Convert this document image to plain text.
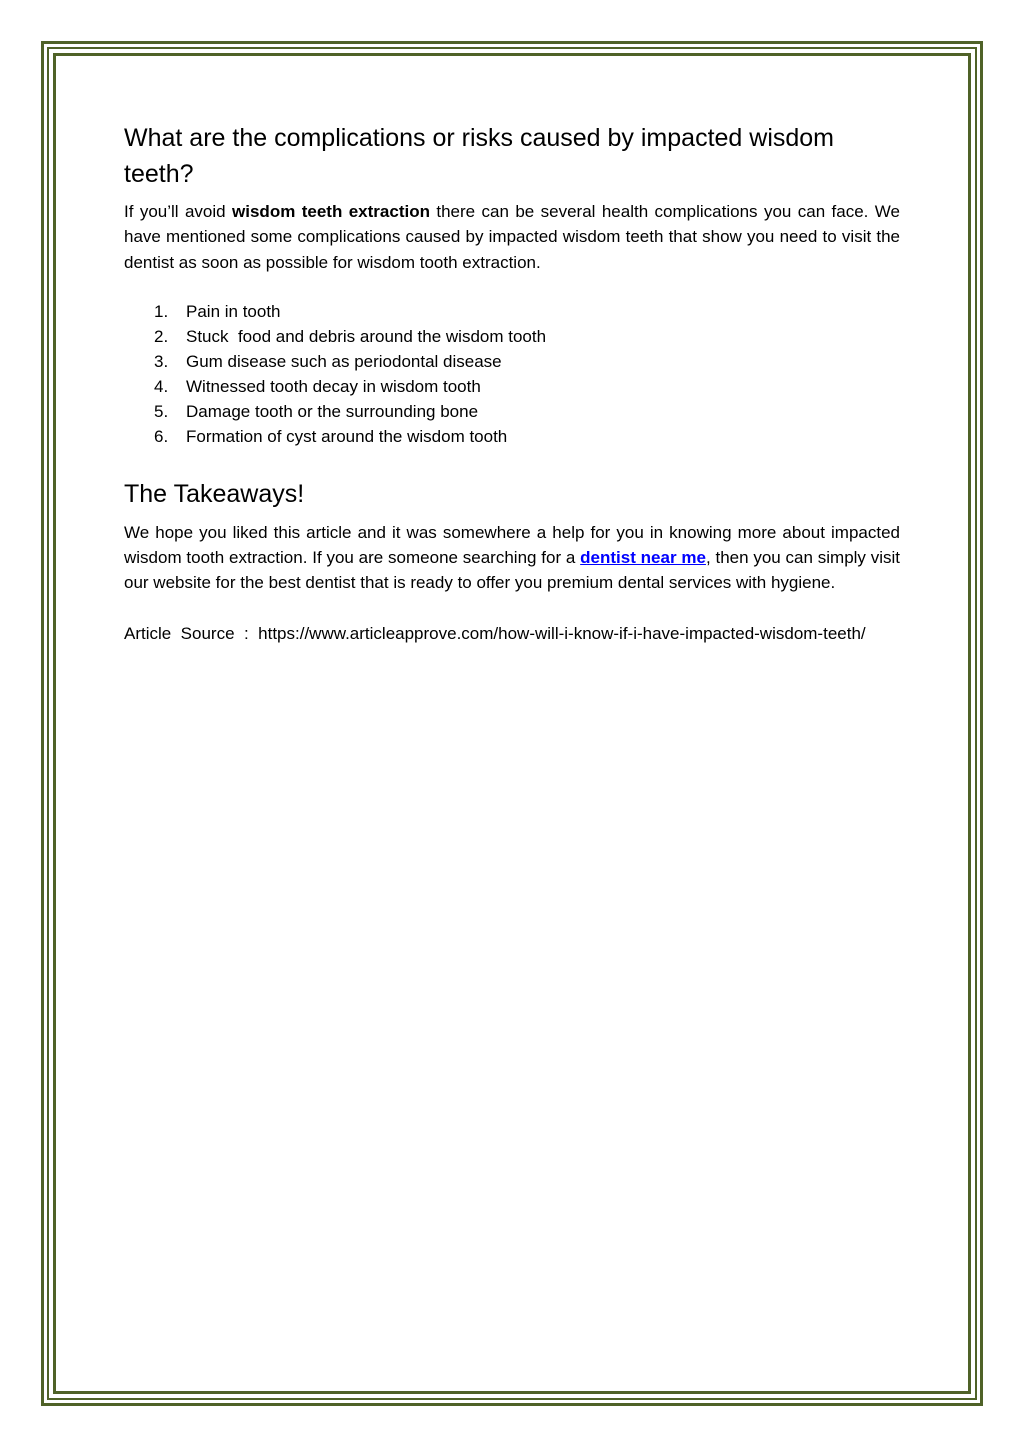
What are the complications or risks caused by impacted wisdom teeth?

If you’ll avoid wisdom teeth extraction there can be several health complications you can face. We have mentioned some complications caused by impacted wisdom teeth that show you need to visit the dentist as soon as possible for wisdom tooth extraction.

1. Pain in tooth
2. Stuck  food and debris around the wisdom tooth
3. Gum disease such as periodontal disease
4. Witnessed tooth decay in wisdom tooth
5. Damage tooth or the surrounding bone
6. Formation of cyst around the wisdom tooth
The Takeaways!

We hope you liked this article and it was somewhere a help for you in knowing more about impacted wisdom tooth extraction. If you are someone searching for a dentist near me, then you can simply visit our website for the best dentist that is ready to offer you premium dental services with hygiene.

Article  Source  :  https://www.articleapprove.com/how-will-i-know-if-i-have-impacted-wisdom-teeth/
